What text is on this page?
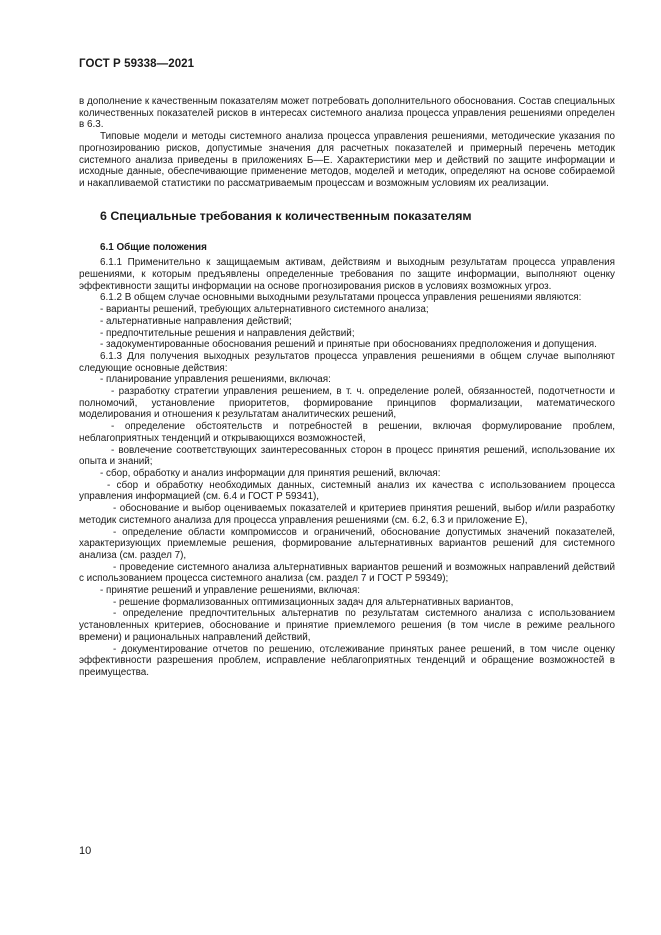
ГОСТ Р 59338—2021

в дополнение к качественным показателям может потребовать дополнительного обоснования. Состав специальных количественных показателей рисков в интересах системного анализа процесса управления решениями определен в 6.3.

Типовые модели и методы системного анализа процесса управления решениями, методические указания по прогнозированию рисков, допустимые значения для расчетных показателей и примерный перечень методик системного анализа приведены в приложениях Б—Е. Характеристики мер и действий по защите информации и исходные данные, обеспечивающие применение методов, моделей и методик, определяют на основе собираемой и накапливаемой статистики по рассматриваемым процессам и возможным условиям их реализации.

6 Специальные требования к количественным показателям
6.1 Общие положения

6.1.1 Применительно к защищаемым активам, действиям и выходным результатам процесса управления решениями, к которым предъявлены определенные требования по защите информации, выполняют оценку эффективности защиты информации на основе прогнозирования рисков в условиях возможных угроз.

6.1.2 В общем случае основными выходными результатами процесса управления решениями являются:

- варианты решений, требующих альтернативного системного анализа;

- альтернативные направления действий;

- предпочтительные решения и направления действий;

- задокументированные обоснования решений и принятые при обоснованиях предположения и допущения.

6.1.3 Для получения выходных результатов процесса управления решениями в общем случае выполняют следующие основные действия:

- планирование управления решениями, включая:

- разработку стратегии управления решением, в т. ч. определение ролей, обязанностей, подотчетности и полномочий, установление приоритетов, формирование принципов формализации, математического моделирования и отношения к результатам аналитических решений,

- определение обстоятельств и потребностей в решении, включая формулирование проблем, неблагоприятных тенденций и открывающихся возможностей,

- вовлечение соответствующих заинтересованных сторон в процесс принятия решений, использование их опыта и знаний;

- сбор, обработку и анализ информации для принятия решений, включая:

- сбор и обработку необходимых данных, системный анализ их качества с использованием процесса управления информацией (см. 6.4 и ГОСТ Р 59341),

- обоснование и выбор оцениваемых показателей и критериев принятия решений, выбор и/или разработку методик системного анализа для процесса управления решениями (см. 6.2, 6.3 и приложение Е),

- определение области компромиссов и ограничений, обоснование допустимых значений показателей, характеризующих приемлемые решения, формирование альтернативных вариантов решений для системного анализа (см. раздел 7),

- проведение системного анализа альтернативных вариантов решений и возможных направлений действий с использованием процесса системного анализа (см. раздел 7 и ГОСТ Р 59349);

- принятие решений и управление решениями, включая:

- решение формализованных оптимизационных задач для альтернативных вариантов,

- определение предпочтительных альтернатив по результатам системного анализа с использованием установленных критериев, обоснование и принятие приемлемого решения (в том числе в режиме реального времени) и рациональных направлений действий,

- документирование отчетов по решению, отслеживание принятых ранее решений, в том числе оценку эффективности разрешения проблем, исправление неблагоприятных тенденций и обращение возможностей в преимущества.

10
